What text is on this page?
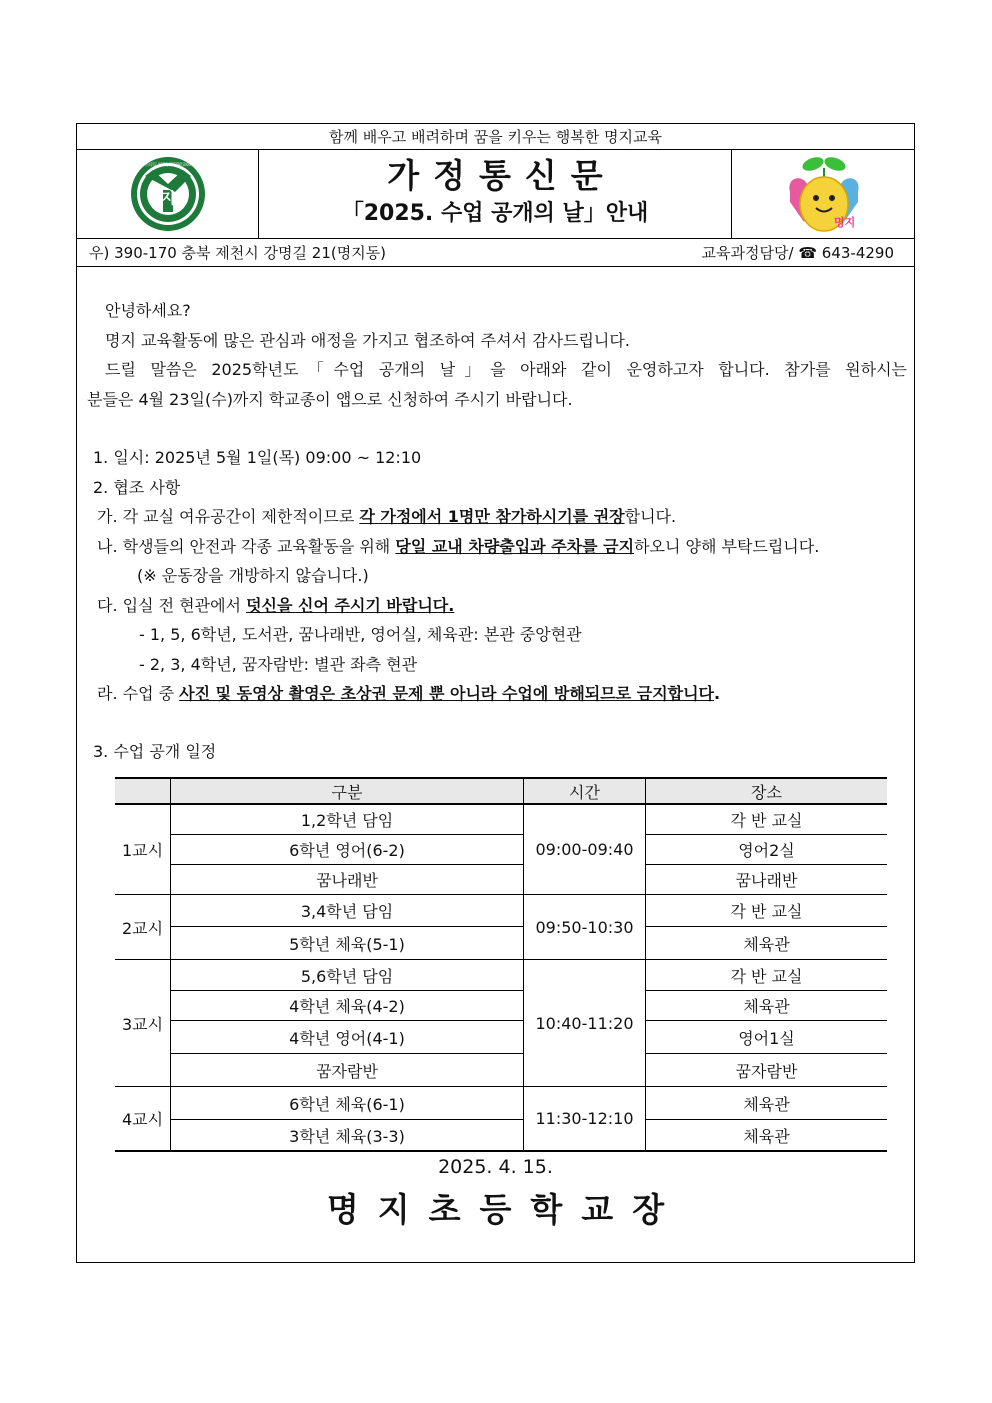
함께 배우고 배려하며 꿈을 키우는 행복한 명지교육
명지초등학교 · MYEONGJI ELEMENTARY SCHOOL
지
가정통신문
「2025. 수업 공개의 날」안내	명지
우) 390-170 충북 제천시 강명길 21(명지동)	교육과정담당/ ☎ 643-4290
안녕하세요?
명지 교육활동에 많은 관심과 애정을 가지고 협조하여 주셔서 감사드립니다.
드릴 말씀은 2025학년도「수업 공개의 날」을 아래와 같이 운영하고자 합니다. 참가를 원하시는
분들은 4월 23일(수)까지 학교종이 앱으로 신청하여 주시기 바랍니다.
1. 일시: 2025년 5월 1일(목) 09:00 ~ 12:10
2. 협조 사항
가. 각 교실 여유공간이 제한적이므로 각 가정에서 1명만 참가하시기를 권장합니다.
나. 학생들의 안전과 각종 교육활동을 위해 당일 교내 차량출입과 주차를 금지하오니 양해 부탁드립니다.
(※ 운동장을 개방하지 않습니다.)
다. 입실 전 현관에서 덧신을 신어 주시기 바랍니다.
- 1, 5, 6학년, 도서관, 꿈나래반, 영어실, 체육관: 본관 중앙현관
- 2, 3, 4학년, 꿈자람반: 별관 좌측 현관
라. 수업 중 사진 및 동영상 촬영은 초상권 문제 뿐 아니라 수업에 방해되므로 금지합니다.
3. 수업 공개 일정
	구분	시간	장소
1교시	1,2학년 담임	09:00-09:40	각 반 교실
	6학년 영어(6-2)		영어2실
	꿈나래반		꿈나래반
2교시	3,4학년 담임	09:50-10:30	각 반 교실
	5학년 체육(5-1)		체육관
3교시	5,6학년 담임	10:40-11:20	각 반 교실
	4학년 체육(4-2)		체육관
	4학년 영어(4-1)		영어1실
	꿈자람반		꿈자람반
4교시	6학년 체육(6-1)	11:30-12:10	체육관
	3학년 체육(3-3)		체육관
2025. 4. 15.
명지초등학교장
